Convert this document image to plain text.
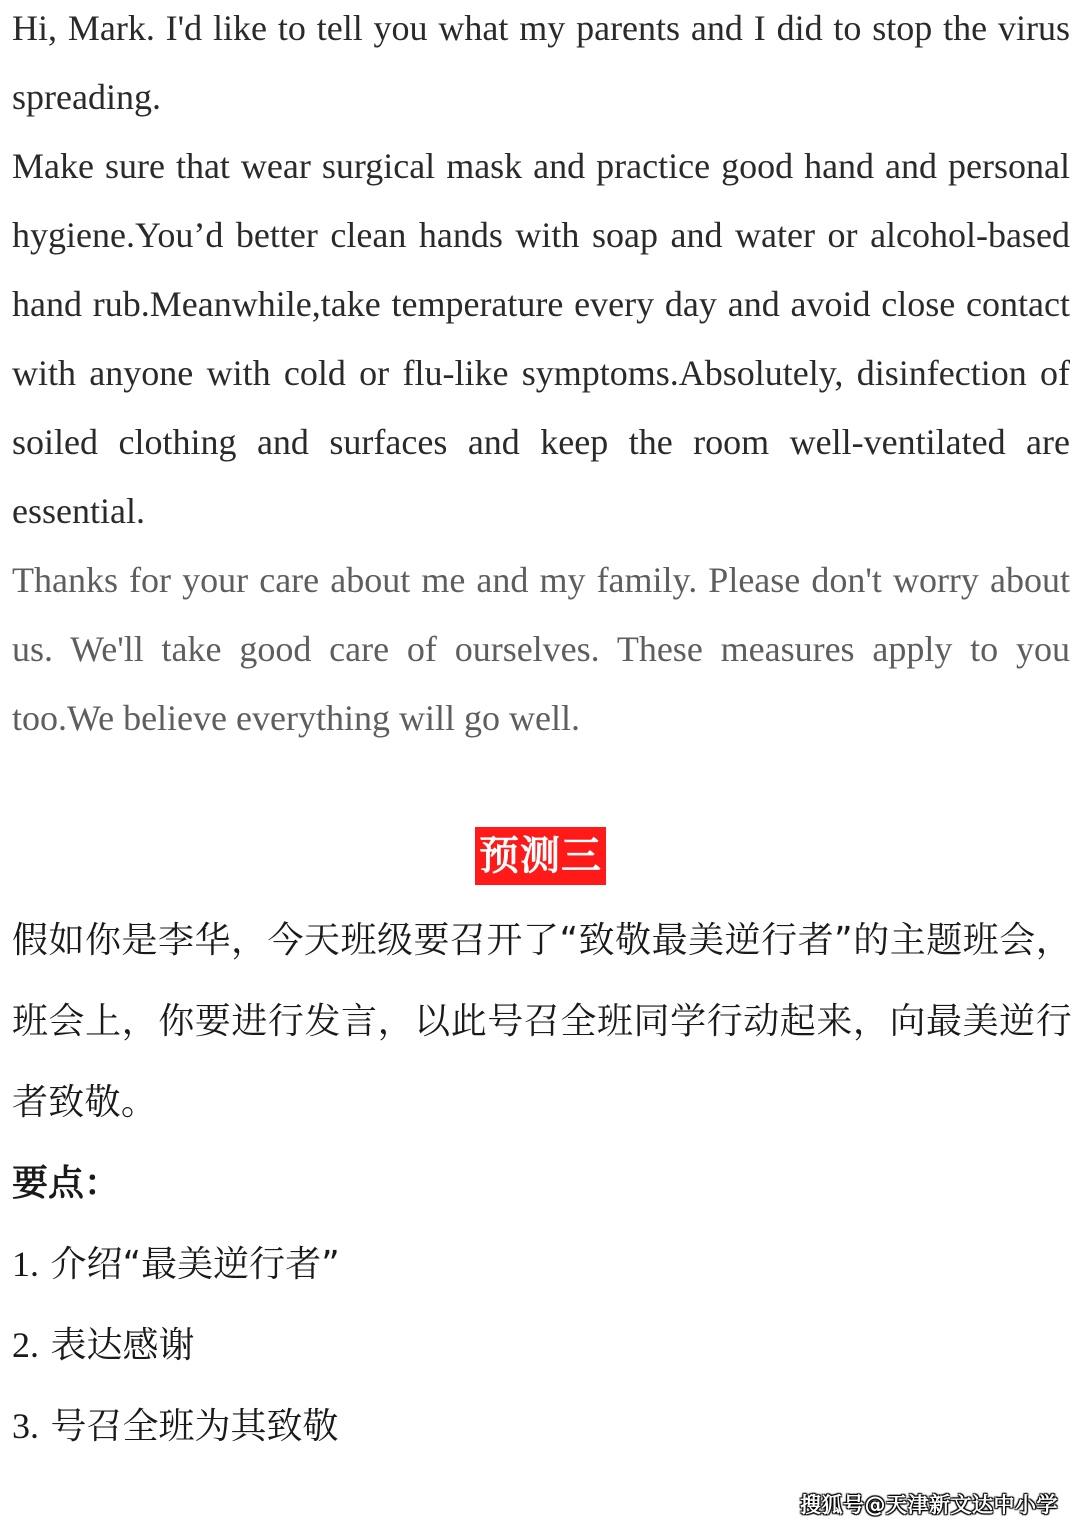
Hi, Mark. I'd like to tell you what my parents and I did to stop the virus spreading.

Make sure that wear surgical mask and practice good hand and personal hygiene.You’d better clean hands with soap and water or alcohol-based hand rub.Meanwhile,take temperature every day and avoid close contact with anyone with cold or flu-like symptoms.Absolutely, disinfection of soiled clothing and surfaces and keep the room well-ventilated are essential.

Thanks for your care about me and my family. Please don't worry about us. We'll take good care of ourselves. These measures apply to you too.We believe everything will go well.

预测三

假如你是李华，今天班级要召开了“致敬最美逆行者”的主题班会，班会上，你要进行发言，以此号召全班同学行动起来，向最美逆行者致敬。

要点：

1. 介绍“最美逆行者”

2. 表达感谢

3. 号召全班为其致敬

搜狐号@天津新文达中小学
